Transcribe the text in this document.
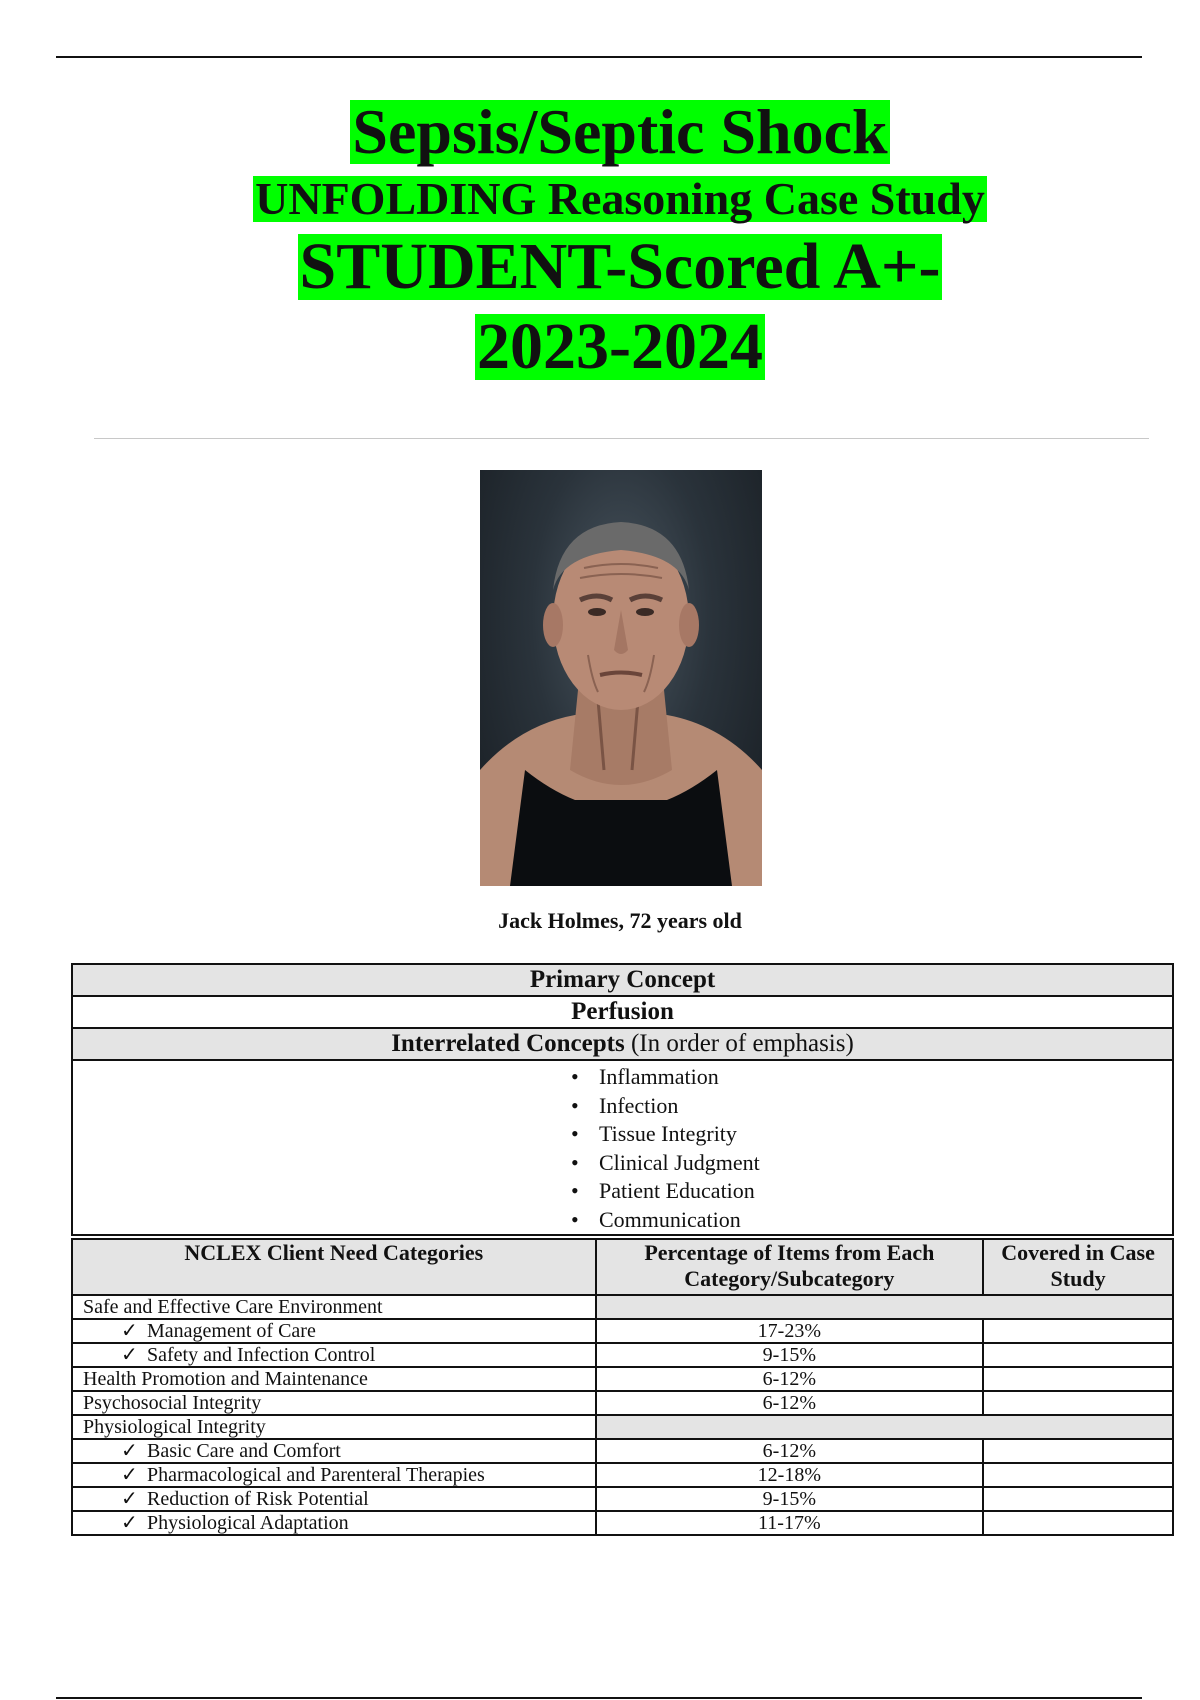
Sepsis/Septic Shock
UNFOLDING Reasoning Case Study
STUDENT-Scored A+-
2023-2024
Jack Holmes, 72 years old
Primary Concept
Perfusion
Interrelated Concepts (In order of emphasis)

• Inflammation
• Infection
• Tissue Integrity
• Clinical Judgment
• Patient Education
• Communication
NCLEX Client Need Categories	Percentage of Items from Each Category/Subcategory	Covered in Case Study
Safe and Effective Care Environment		
✓ Management of Care	17-23%	
✓ Safety and Infection Control	9-15%	
Health Promotion and Maintenance	6-12%	
Psychosocial Integrity	6-12%	
Physiological Integrity		
✓ Basic Care and Comfort	6-12%	
✓ Pharmacological and Parenteral Therapies	12-18%	
✓ Reduction of Risk Potential	9-15%	
✓ Physiological Adaptation	11-17%	
